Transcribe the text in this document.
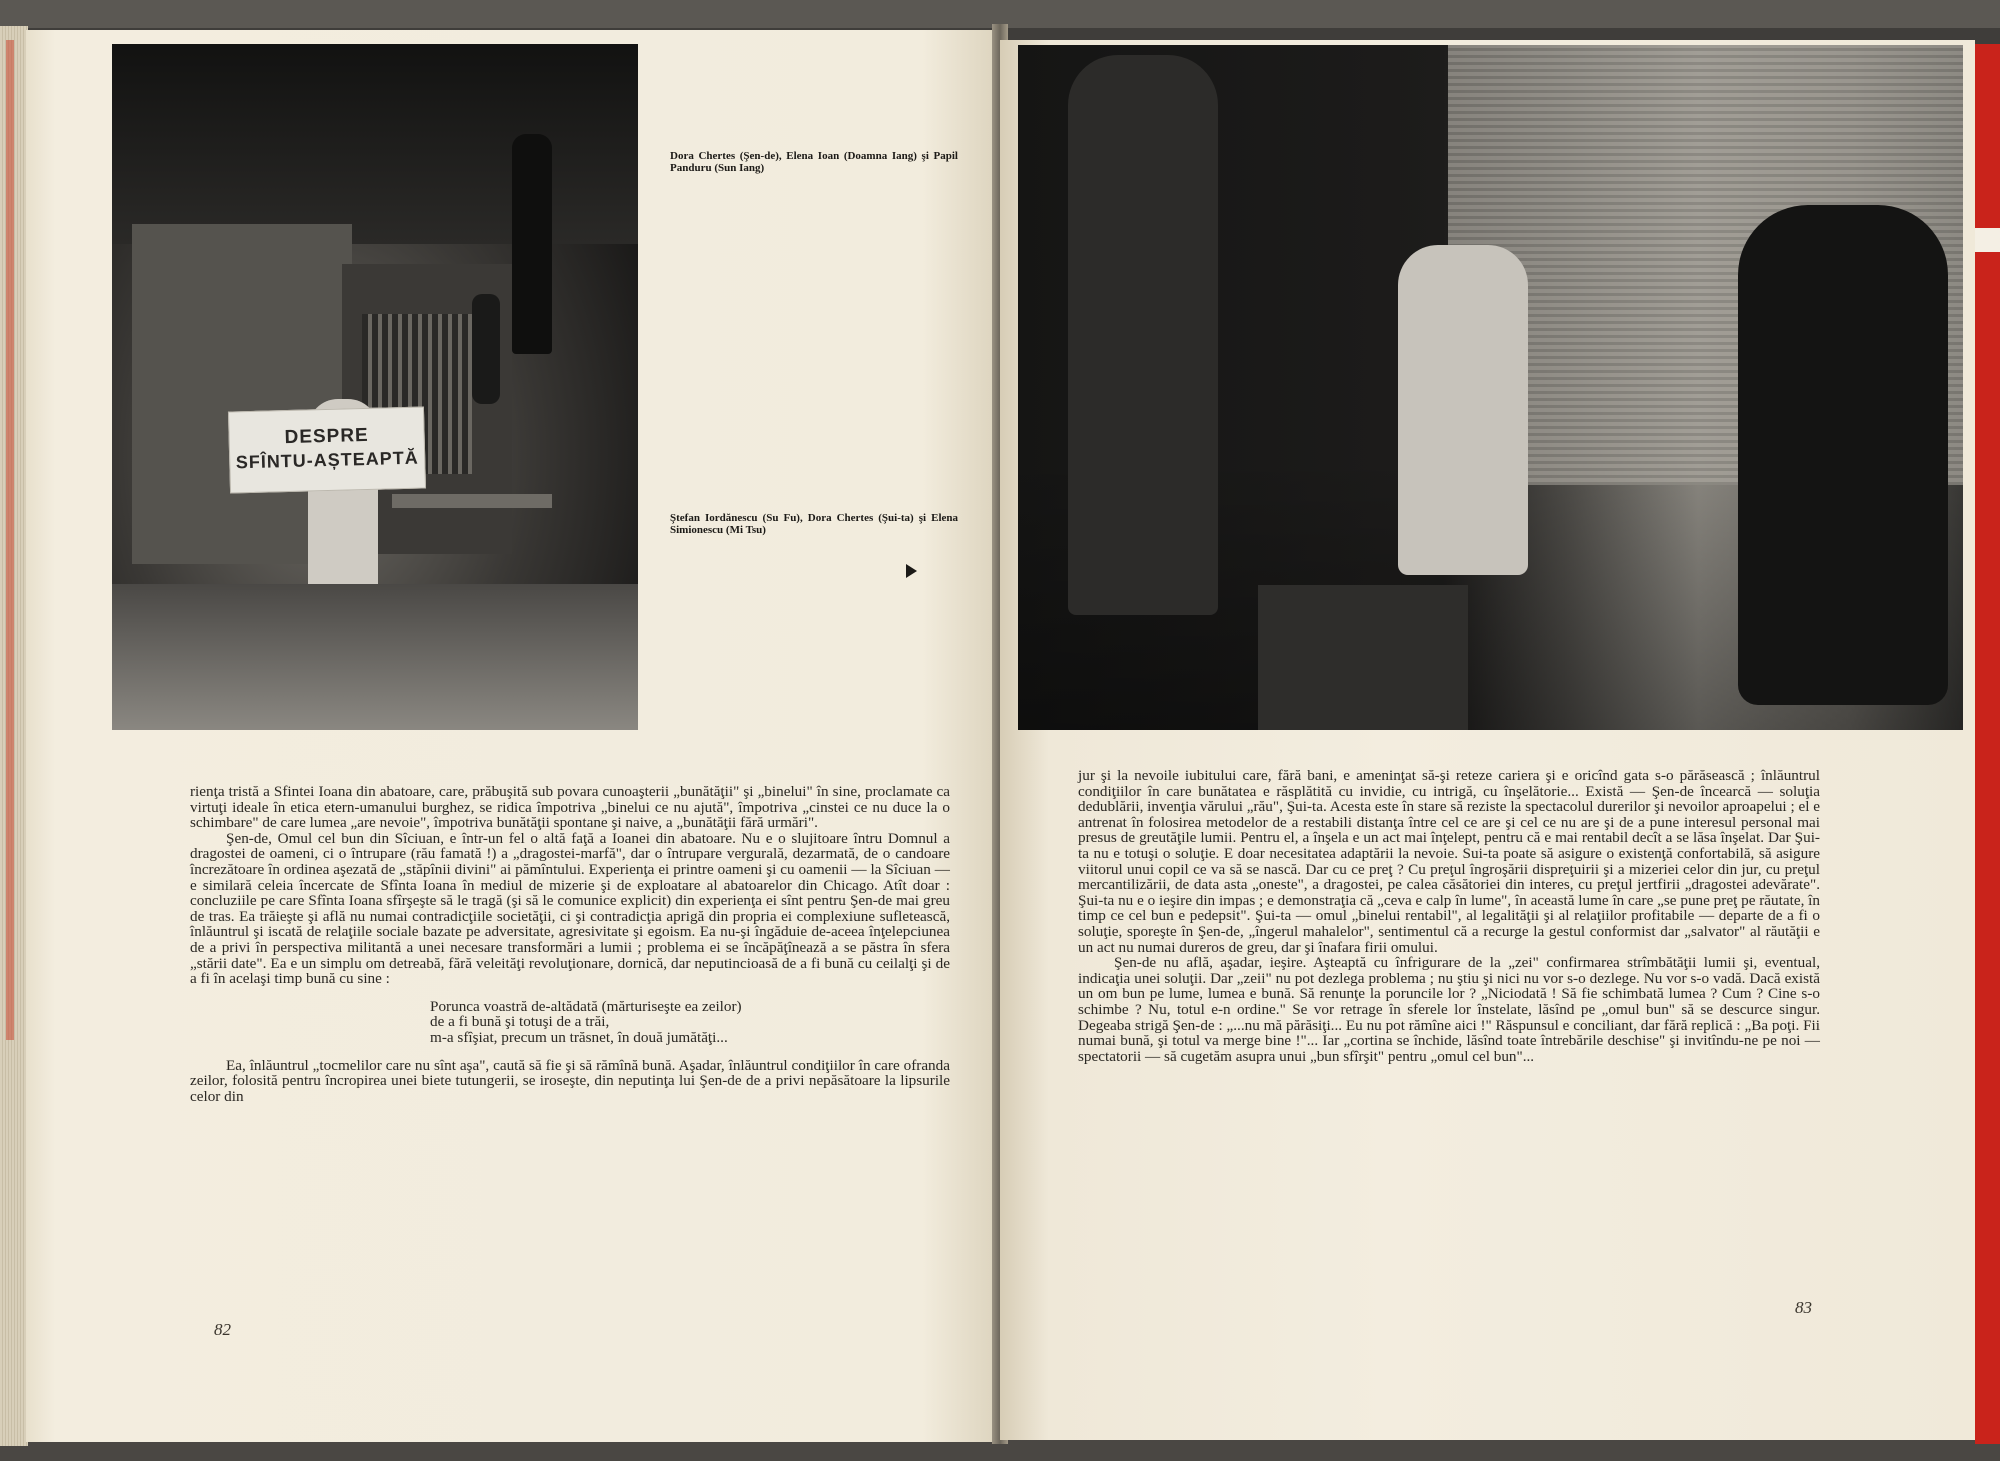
DESPRE
SFÎNTU-AȘTEAPTĂ
Dora Chertes (Şen-de), Elena Ioan (Doamna Iang) şi Papil Panduru (Sun Iang)
Ştefan Iordănescu (Su Fu), Dora Chertes (Şui-ta) şi Elena Simionescu (Mi Tsu)

rienţa tristă a Sfintei Ioana din abatoare, care, prăbuşită sub povara cunoaşterii „bunătăţii" şi „binelui" în sine, proclamate ca virtuţi ideale în etica etern-umanului burghez, se ridica împotriva „binelui ce nu ajută", împotriva „cinstei ce nu duce la o schimbare" de care lumea „are nevoie", împotriva bunătăţii spontane şi naive, a „bunătăţii fără urmări".

Şen-de, Omul cel bun din Sîciuan, e într-un fel o altă faţă a Ioanei din abatoare. Nu e o slujitoare întru Domnul a dragostei de oameni, ci o întrupare (rău famată !) a „dragostei-marfă", dar o întrupare vergurală, dezarmată, de o candoare încrezătoare în ordinea aşezată de „stăpînii divini" ai pămîntului. Experienţa ei printre oameni şi cu oamenii — la Sîciuan — e similară celeia încercate de Sfînta Ioana în mediul de mizerie şi de exploatare al abatoarelor din Chicago. Atît doar : concluziile pe care Sfînta Ioana sfîrşeşte să le tragă (şi să le comunice explicit) din experienţa ei sînt pentru Şen-de mai greu de tras. Ea trăieşte şi află nu numai contradicţiile societăţii, ci şi contradicţia aprigă din propria ei complexiune sufletească, înlăuntrul şi iscată de relaţiile sociale bazate pe adversitate, agresivitate şi egoism. Ea nu-şi îngăduie de-aceea înţelepciunea de a privi în perspectiva militantă a unei necesare transformări a lumii ; problema ei se încăpăţînează a se păstra în sfera „stării date". Ea e un simplu om detreabă, fără veleităţi revoluţionare, dornică, dar neputincioasă de a fi bună cu ceilalţi şi de a fi în acelaşi timp bună cu sine :

Porunca voastră de-altădată (mărturiseşte ea zeilor)
de a fi bună şi totuşi de a trăi,
m-a sfîşiat, precum un trăsnet, în două jumătăţi...

Ea, înlăuntrul „tocmelilor care nu sînt aşa", caută să fie şi să rămînă bună. Aşadar, înlăuntrul condiţiilor în care ofranda zeilor, folosită pentru încropirea unei biete tutungerii, se iroseşte, din neputinţa lui Şen-de de a privi nepăsătoare la lipsurile celor din

82

jur şi la nevoile iubitului care, fără bani, e ameninţat să-şi reteze cariera şi e oricînd gata s-o părăsească ; înlăuntrul condiţiilor în care bunătatea e răsplătită cu invidie, cu intrigă, cu înşelătorie... Există — Şen-de încearcă — soluţia dedublării, invenţia vărului „rău", Şui-ta. Acesta este în stare să reziste la spectacolul durerilor şi nevoilor aproapelui ; el e antrenat în folosirea metodelor de a restabili distanţa între cel ce are şi cel ce nu are şi de a pune interesul personal mai presus de greutăţile lumii. Pentru el, a înşela e un act mai înţelept, pentru că e mai rentabil decît a se lăsa înşelat. Dar Şui-ta nu e totuşi o soluţie. E doar necesitatea adaptării la nevoie. Sui-ta poate să asigure o existenţă confortabilă, să asigure viitorul unui copil ce va să se nască. Dar cu ce preţ ? Cu preţul îngroşării dispreţuirii şi a mizeriei celor din jur, cu preţul mercantilizării, de data asta „oneste", a dragostei, pe calea căsătoriei din interes, cu preţul jertfirii „dragostei adevărate". Şui-ta nu e o ieşire din impas ; e demonstraţia că „ceva e calp în lume", în această lume în care „se pune preţ pe răutate, în timp ce cel bun e pedepsit". Şui-ta — omul „binelui rentabil", al legalităţii şi al relaţiilor profitabile — departe de a fi o soluţie, sporeşte în Şen-de, „îngerul mahalelor", sentimentul că a recurge la gestul conformist dar „salvator" al răutăţii e un act nu numai dureros de greu, dar şi înafara firii omului.

Şen-de nu află, aşadar, ieşire. Aşteaptă cu înfrigurare de la „zei" confirmarea strîmbătăţii lumii şi, eventual, indicaţia unei soluţii. Dar „zeii" nu pot dezlega problema ; nu ştiu şi nici nu vor s-o dezlege. Nu vor s-o vadă. Dacă există un om bun pe lume, lumea e bună. Să renunţe la poruncile lor ? „Niciodată ! Să fie schimbată lumea ? Cum ? Cine s-o schimbe ? Nu, totul e-n ordine." Se vor retrage în sferele lor înstelate, lăsînd pe „omul bun" să se descurce singur. Degeaba strigă Şen-de : „...nu mă părăsiţi... Eu nu pot rămîne aici !" Răspunsul e conciliant, dar fără replică : „Ba poţi. Fii numai bună, şi totul va merge bine !"... Iar „cortina se închide, lăsînd toate întrebările deschise" şi invitîndu-ne pe noi — spectatorii — să cugetăm asupra unui „bun sfîrşit" pentru „omul cel bun"...

83
